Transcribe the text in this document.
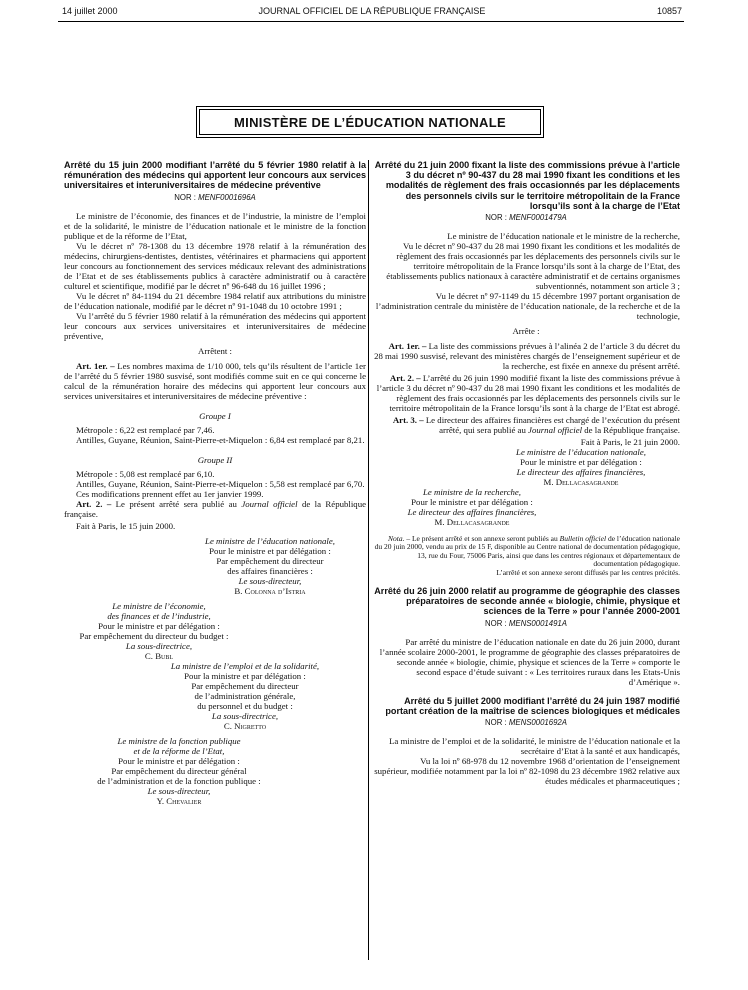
14 juillet 2000	JOURNAL OFFICIEL DE LA RÉPUBLIQUE FRANÇAISE	10857
MINISTÈRE DE L’ÉDUCATION NATIONALE
Arrêté du 15 juin 2000 modifiant l’arrêté du 5 février 1980 relatif à la rémunération des médecins qui apportent leur concours aux services universitaires et interuniversitaires de médecine préventive
NOR : MENF0001696A

Le ministre de l’économie, des finances et de l’industrie, la ministre de l’emploi et de la solidarité, le ministre de l’éducation nationale et le ministre de la fonction publique et de la réforme de l’Etat,

Vu le décret nº 78-1308 du 13 décembre 1978 relatif à la rémunération des médecins, chirurgiens-dentistes, dentistes, vétérinaires et pharmaciens qui apportent leur concours au fonctionnement des services médicaux relevant des administrations de l’Etat et de ses établissements publics à caractère administratif ou à caractère culturel et scientifique, modifié par le décret nº 96-648 du 16 juillet 1996 ;

Vu le décret nº 84-1194 du 21 décembre 1984 relatif aux attributions du ministre de l’éducation nationale, modifié par le décret nº 91-1048 du 10 octobre 1991 ;

Vu l’arrêté du 5 février 1980 relatif à la rémunération des médecins qui apportent leur concours aux services universitaires et interuniversitaires de médecine préventive,

Arrêtent :

Art. 1er. – Les nombres maxima de 1/10 000, tels qu’ils résultent de l’article 1er de l’arrêté du 5 février 1980 susvisé, sont modifiés comme suit en ce qui concerne le calcul de la rémunération horaire des médecins qui apportent leur concours aux services universitaires et interuniversitaires de médecine préventive :

Groupe I

Métropole : 6,22 est remplacé par 7,46.

Antilles, Guyane, Réunion, Saint-Pierre-et-Miquelon : 6,84 est remplacé par 8,21.

Groupe II

Métropole : 5,08 est remplacé par 6,10.

Antilles, Guyane, Réunion, Saint-Pierre-et-Miquelon : 5,58 est remplacé par 6,70.

Ces modifications prennent effet au 1er janvier 1999.

Art. 2. – Le présent arrêté sera publié au Journal officiel de la République française.

Fait à Paris, le 15 juin 2000.

Le ministre de l’éducation nationale,
Pour le ministre et par délégation :
Par empêchement du directeur
des affaires financières :
Le sous-directeur,
B. Colonna d’Istria
Le ministre de l’économie,
des finances et de l’industrie,
Pour le ministre et par délégation :
Par empêchement du directeur du budget :
La sous-directrice,
C. Bubl
La ministre de l’emploi et de la solidarité,
Pour la ministre et par délégation :
Par empêchement du directeur
de l’administration générale,
du personnel et du budget :
La sous-directrice,
C. Nigretto
Le ministre de la fonction publique
et de la réforme de l’Etat,
Pour le ministre et par délégation :
Par empêchement du directeur général
de l’administration et de la fonction publique :
Le sous-directeur,
Y. Chevalier
Arrêté du 21 juin 2000 fixant la liste des commissions prévue à l’article 3 du décret nº 90-437 du 28 mai 1990 fixant les conditions et les modalités de règlement des frais occasionnés par les déplacements des personnels civils sur le territoire métropolitain de la France lorsqu’ils sont à la charge de l’Etat
NOR : MENF0001479A

Le ministre de l’éducation nationale et le ministre de la recherche,

Vu le décret nº 90-437 du 28 mai 1990 fixant les conditions et les modalités de règlement des frais occasionnés par les déplacements des personnels civils sur le territoire métropolitain de la France lorsqu’ils sont à la charge de l’Etat, des établissements publics nationaux à caractère administratif et de certains organismes subventionnés, notamment son article 3 ;

Vu le décret nº 97-1149 du 15 décembre 1997 portant organisation de l’administration centrale du ministère de l’éducation nationale, de la recherche et de la technologie,

Arrête :

Art. 1er. – La liste des commissions prévues à l’alinéa 2 de l’article 3 du décret du 28 mai 1990 susvisé, relevant des ministères chargés de l’enseignement supérieur et de la recherche, est fixée en annexe du présent arrêté.

Art. 2. – L’arrêté du 26 juin 1990 modifié fixant la liste des commissions prévue à l’article 3 du décret nº 90-437 du 28 mai 1990 fixant les conditions et les modalités de règlement des frais occasionnés par les déplacements des personnels civils sur le territoire métropolitain de la France lorsqu’ils sont à la charge de l’Etat est abrogé.

Art. 3. – Le directeur des affaires financières est chargé de l’exécution du présent arrêté, qui sera publié au Journal officiel de la République française.

Fait à Paris, le 21 juin 2000.

Le ministre de l’éducation nationale,
Pour le ministre et par délégation :
Le directeur des affaires financières,
M. Dellacasagrande
Le ministre de la recherche,
Pour le ministre et par délégation :
Le directeur des affaires financières,
M. Dellacasagrande

Nota. – Le présent arrêté et son annexe seront publiés au Bulletin officiel de l’éducation nationale du 20 juin 2000, vendu au prix de 15 F, disponible au Centre national de documentation pédagogique, 13, rue du Four, 75006 Paris, ainsi que dans les centres régionaux et départementaux de documentation pédagogique.

L’arrêté et son annexe seront diffusés par les centres précités.

Arrêté du 26 juin 2000 relatif au programme de géographie des classes préparatoires de seconde année « biologie, chimie, physique et sciences de la Terre » pour l’année 2000-2001
NOR : MENS0001491A

Par arrêté du ministre de l’éducation nationale en date du 26 juin 2000, durant l’année scolaire 2000-2001, le programme de géographie des classes préparatoires de seconde année « biologie, chimie, physique et sciences de la Terre » comporte le second espace d’étude suivant : « Les territoires ruraux dans les Etats-Unis d’Amérique ».

Arrêté du 5 juillet 2000 modifiant l’arrêté du 24 juin 1987 modifié portant création de la maîtrise de sciences biologiques et médicales
NOR : MENS0001692A

La ministre de l’emploi et de la solidarité, le ministre de l’éducation nationale et la secrétaire d’Etat à la santé et aux handicapés,

Vu la loi nº 68-978 du 12 novembre 1968 d’orientation de l’enseignement supérieur, modifiée notamment par la loi nº 82-1098 du 23 décembre 1982 relative aux études médicales et pharmaceutiques ;
